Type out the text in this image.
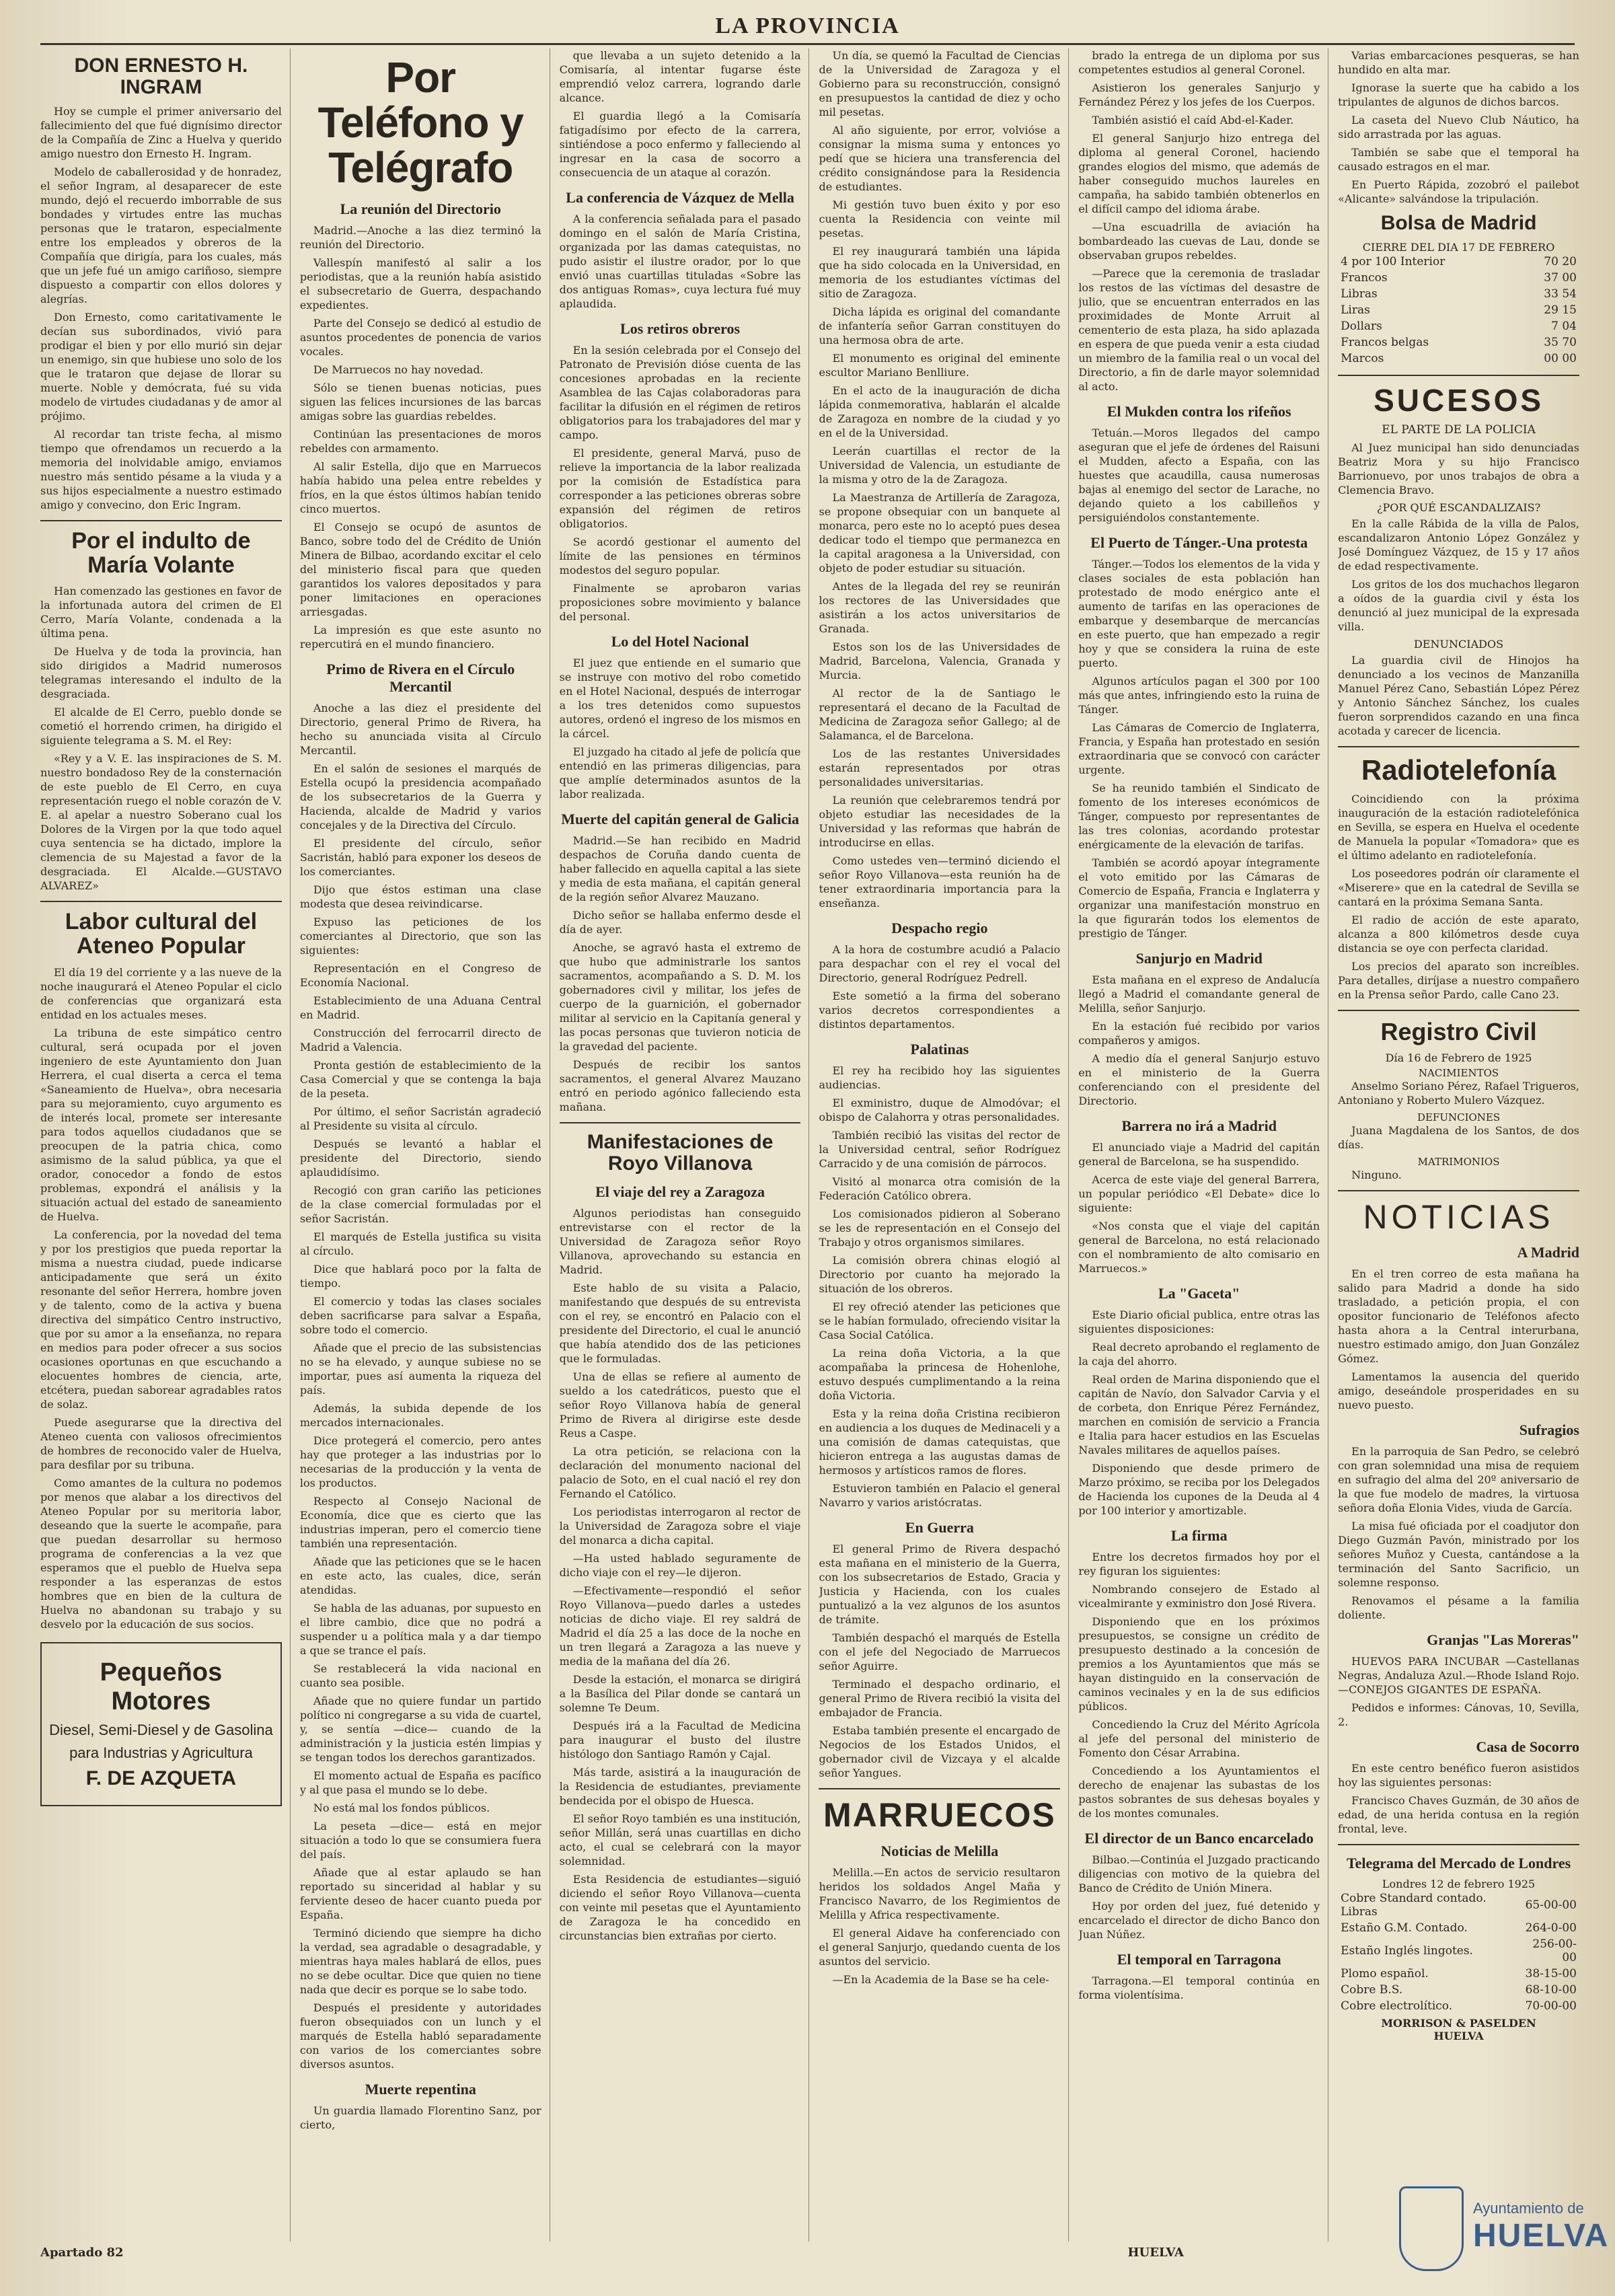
LA PROVINCIA
DON ERNESTO H. INGRAM

Hoy se cumple el primer aniversario del fallecimiento del que fué dignísimo director de la Compañía de Zinc a Huelva y querido amigo nuestro don Ernesto H. Ingram.

Modelo de caballerosidad y de honradez, el señor Ingram, al desaparecer de este mundo, dejó el recuerdo imborrable de sus bondades y virtudes entre las muchas personas que le trataron, especialmente entre los empleados y obreros de la Compañía que dirigía, para los cuales, más que un jefe fué un amigo cariñoso, siempre dispuesto a compartir con ellos dolores y alegrías.

Don Ernesto, como caritativamente le decían sus subordinados, vivió para prodigar el bien y por ello murió sin dejar un enemigo, sin que hubiese uno solo de los que le trataron que dejase de llorar su muerte. Noble y demócrata, fué su vida modelo de virtudes ciudadanas y de amor al prójimo.

Al recordar tan triste fecha, al mismo tiempo que ofrendamos un recuerdo a la memoria del inolvidable amigo, enviamos nuestro más sentido pésame a la viuda y a sus hijos especialmente a nuestro estimado amigo y convecino, don Eric Ingram.

Por el indulto de María Volante

Han comenzado las gestiones en favor de la infortunada autora del crimen de El Cerro, María Volante, condenada a la última pena.

De Huelva y de toda la provincia, han sido dirigidos a Madrid numerosos telegramas interesando el indulto de la desgraciada.

El alcalde de El Cerro, pueblo donde se cometió el horrendo crimen, ha dirigido el siguiente telegrama a S. M. el Rey:

«Rey y a V. E. las inspiraciones de S. M. nuestro bondadoso Rey de la consternación de este pueblo de El Cerro, en cuya representación ruego el noble corazón de V. E. al apelar a nuestro Soberano cual los Dolores de la Virgen por la que todo aquel cuya sentencia se ha dictado, implore la clemencia de su Majestad a favor de la desgraciada. El Alcalde.—GUSTAVO ALVAREZ»

Labor cultural del Ateneo Popular

El día 19 del corriente y a las nueve de la noche inaugurará el Ateneo Popular el ciclo de conferencias que organizará esta entidad en los actuales meses.

La tribuna de este simpático centro cultural, será ocupada por el joven ingeniero de este Ayuntamiento don Juan Herrera, el cual diserta a cerca el tema «Saneamiento de Huelva», obra necesaria para su mejoramiento, cuyo argumento es de interés local, promete ser interesante para todos aquellos ciudadanos que se preocupen de la patria chica, como asimismo de la salud pública, ya que el orador, conocedor a fondo de estos problemas, expondrá el análisis y la situación actual del estado de saneamiento de Huelva.

La conferencia, por la novedad del tema y por los prestigios que pueda reportar la misma a nuestra ciudad, puede indicarse anticipadamente que será un éxito resonante del señor Herrera, hombre joven y de talento, como de la activa y buena directiva del simpático Centro instructivo, que por su amor a la enseñanza, no repara en medios para poder ofrecer a sus socios ocasiones oportunas en que escuchando a elocuentes hombres de ciencia, arte, etcétera, puedan saborear agradables ratos de solaz.

Puede asegurarse que la directiva del Ateneo cuenta con valiosos ofrecimientos de hombres de reconocido valer de Huelva, para desfilar por su tribuna.

Como amantes de la cultura no podemos por menos que alabar a los directivos del Ateneo Popular por su meritoria labor, deseando que la suerte le acompañe, para que puedan desarrollar su hermoso programa de conferencias a la vez que esperamos que el pueblo de Huelva sepa responder a las esperanzas de estos hombres que en bien de la cultura de Huelva no abandonan su trabajo y su desvelo por la educación de sus socios.

Pequeños Motores
Diesel, Semi-Diesel y de Gasolina
para Industrias y Agricultura
F. DE AZQUETA
Por Teléfono y Telégrafo
La reunión del Directorio

Madrid.—Anoche a las diez terminó la reunión del Directorio.

Vallespín manifestó al salir a los periodistas, que a la reunión había asistido el subsecretario de Guerra, despachando expedientes.

Parte del Consejo se dedicó al estudio de asuntos procedentes de ponencia de varios vocales.

De Marruecos no hay novedad.

Sólo se tienen buenas noticias, pues siguen las felices incursiones de las barcas amigas sobre las guardias rebeldes.

Continúan las presentaciones de moros rebeldes con armamento.

Al salir Estella, dijo que en Marruecos había habido una pelea entre rebeldes y fríos, en la que éstos últimos habían tenido cinco muertos.

El Consejo se ocupó de asuntos de Banco, sobre todo del de Crédito de Unión Minera de Bilbao, acordando excitar el celo del ministerio fiscal para que queden garantidos los valores depositados y para poner limitaciones en operaciones arriesgadas.

La impresión es que este asunto no repercutirá en el mundo financiero.

Primo de Rivera en el Círculo Mercantil

Anoche a las diez el presidente del Directorio, general Primo de Rivera, ha hecho su anunciada visita al Círculo Mercantil.

En el salón de sesiones el marqués de Estella ocupó la presidencia acompañado de los subsecretarios de la Guerra y Hacienda, alcalde de Madrid y varios concejales y de la Directiva del Círculo.

El presidente del círculo, señor Sacristán, habló para exponer los deseos de los comerciantes.

Dijo que éstos estiman una clase modesta que desea reivindicarse.

Expuso las peticiones de los comerciantes al Directorio, que son las siguientes:

Representación en el Congreso de Economía Nacional.

Establecimiento de una Aduana Central en Madrid.

Construcción del ferrocarril directo de Madrid a Valencia.

Pronta gestión de establecimiento de la Casa Comercial y que se contenga la baja de la peseta.

Por último, el señor Sacristán agradeció al Presidente su visita al círculo.

Después se levantó a hablar el presidente del Directorio, siendo aplaudidísimo.

Recogió con gran cariño las peticiones de la clase comercial formuladas por el señor Sacristán.

El marqués de Estella justifica su visita al círculo.

Dice que hablará poco por la falta de tiempo.

El comercio y todas las clases sociales deben sacrificarse para salvar a España, sobre todo el comercio.

Añade que el precio de las subsistencias no se ha elevado, y aunque subiese no se importar, pues así aumenta la riqueza del país.

Además, la subida depende de los mercados internacionales.

Dice protegerá el comercio, pero antes hay que proteger a las industrias por lo necesarias de la producción y la venta de los productos.

Respecto al Consejo Nacional de Economía, dice que es cierto que las industrias imperan, pero el comercio tiene también una representación.

Añade que las peticiones que se le hacen en este acto, las cuales, dice, serán atendidas.

Se habla de las aduanas, por supuesto en el libre cambio, dice que no podrá a suspender u a política mala y a dar tiempo a que se trance el país.

Se restablecerá la vida nacional en cuanto sea posible.

Añade que no quiere fundar un partido político ni congregarse a su vida de cuartel, y, se sentía —dice— cuando de la administración y la justicia estén limpias y se tengan todos los derechos garantizados.

El momento actual de España es pacífico y al que pasa el mundo se lo debe.

No está mal los fondos públicos.

La peseta —dice— está en mejor situación a todo lo que se consumiera fuera del país.

Añade que al estar aplaudo se han reportado su sinceridad al hablar y su ferviente deseo de hacer cuanto pueda por España.

Terminó diciendo que siempre ha dicho la verdad, sea agradable o desagradable, y mientras haya males hablará de ellos, pues no se debe ocultar. Dice que quien no tiene nada que decir es porque se lo sabe todo.

Después el presidente y autoridades fueron obsequiados con un lunch y el marqués de Estella habló separadamente con varios de los comerciantes sobre diversos asuntos.

Muerte repentina

Un guardia llamado Florentino Sanz, por cierto,

que llevaba a un sujeto detenido a la Comisaría, al intentar fugarse éste emprendió veloz carrera, logrando darle alcance.

El guardia llegó a la Comisaría fatigadísimo por efecto de la carrera, sintiéndose a poco enfermo y falleciendo al ingresar en la casa de socorro a consecuencia de un ataque al corazón.

La conferencia de Vázquez de Mella

A la conferencia señalada para el pasado domingo en el salón de María Cristina, organizada por las damas catequistas, no pudo asistir el ilustre orador, por lo que envió unas cuartillas tituladas «Sobre las dos antiguas Romas», cuya lectura fué muy aplaudida.

Los retiros obreros

En la sesión celebrada por el Consejo del Patronato de Previsión dióse cuenta de las concesiones aprobadas en la reciente Asamblea de las Cajas colaboradoras para facilitar la difusión en el régimen de retiros obligatorios para los trabajadores del mar y campo.

El presidente, general Marvá, puso de relieve la importancia de la labor realizada por la comisión de Estadística para corresponder a las peticiones obreras sobre expansión del régimen de retiros obligatorios.

Se acordó gestionar el aumento del límite de las pensiones en términos modestos del seguro popular.

Finalmente se aprobaron varias proposiciones sobre movimiento y balance del personal.

Lo del Hotel Nacional

El juez que entiende en el sumario que se instruye con motivo del robo cometido en el Hotel Nacional, después de interrogar a los tres detenidos como supuestos autores, ordenó el ingreso de los mismos en la cárcel.

El juzgado ha citado al jefe de policía que entendió en las primeras diligencias, para que amplíe determinados asuntos de la labor realizada.

Muerte del capitán general de Galicia

Madrid.—Se han recibido en Madrid despachos de Coruña dando cuenta de haber fallecido en aquella capital a las siete y media de esta mañana, el capitán general de la región señor Alvarez Mauzano.

Dicho señor se hallaba enfermo desde el día de ayer.

Anoche, se agravó hasta el extremo de que hubo que administrarle los santos sacramentos, acompañando a S. D. M. los gobernadores civil y militar, los jefes de cuerpo de la guarnición, el gobernador militar al servicio en la Capitanía general y las pocas personas que tuvieron noticia de la gravedad del paciente.

Después de recibir los santos sacramentos, el general Alvarez Mauzano entró en periodo agónico falleciendo esta mañana.

Manifestaciones de Royo Villanova
El viaje del rey a Zaragoza

Algunos periodistas han conseguido entrevistarse con el rector de la Universidad de Zaragoza señor Royo Villanova, aprovechando su estancia en Madrid.

Este hablo de su visita a Palacio, manifestando que después de su entrevista con el rey, se encontró en Palacio con el presidente del Directorio, el cual le anunció que había atendido dos de las peticiones que le formuladas.

Una de ellas se refiere al aumento de sueldo a los catedráticos, puesto que el señor Royo Villanova había de general Primo de Rivera al dirigirse este desde Reus a Caspe.

La otra petición, se relaciona con la declaración del monumento nacional del palacio de Soto, en el cual nació el rey don Fernando el Católico.

Los periodistas interrogaron al rector de la Universidad de Zaragoza sobre el viaje del monarca a dicha capital.

—Ha usted hablado seguramente de dicho viaje con el rey—le dijeron.

—Efectivamente—respondió el señor Royo Villanova—puedo darles a ustedes noticias de dicho viaje. El rey saldrá de Madrid el día 25 a las doce de la noche en un tren llegará a Zaragoza a las nueve y media de la mañana del día 26.

Desde la estación, el monarca se dirigirá a la Basílica del Pilar donde se cantará un solemne Te Deum.

Después irá a la Facultad de Medicina para inaugurar el busto del ilustre histólogo don Santiago Ramón y Cajal.

Más tarde, asistirá a la inauguración de la Residencia de estudiantes, previamente bendecida por el obispo de Huesca.

El señor Royo también es una institución, señor Millán, será unas cuartillas en dicho acto, el cual se celebrará con la mayor solemnidad.

Esta Residencia de estudiantes—siguió diciendo el señor Royo Villanova—cuenta con veinte mil pesetas que el Ayuntamiento de Zaragoza le ha concedido en circunstancias bien extrañas por cierto.

Un día, se quemó la Facultad de Ciencias de la Universidad de Zaragoza y el Gobierno para su reconstrucción, consignó en presupuestos la cantidad de diez y ocho mil pesetas.

Al año siguiente, por error, volvióse a consignar la misma suma y entonces yo pedí que se hiciera una transferencia del crédito consignándose para la Residencia de estudiantes.

Mi gestión tuvo buen éxito y por eso cuenta la Residencia con veinte mil pesetas.

El rey inaugurará también una lápida que ha sido colocada en la Universidad, en memoria de los estudiantes víctimas del sitio de Zaragoza.

Dicha lápida es original del comandante de infantería señor Garran constituyen do una hermosa obra de arte.

El monumento es original del eminente escultor Mariano Benlliure.

En el acto de la inauguración de dicha lápida conmemorativa, hablarán el alcalde de Zaragoza en nombre de la ciudad y yo en el de la Universidad.

Leerán cuartillas el rector de la Universidad de Valencia, un estudiante de la misma y otro de la de Zaragoza.

La Maestranza de Artillería de Zaragoza, se propone obsequiar con un banquete al monarca, pero este no lo aceptó pues desea dedicar todo el tiempo que permanezca en la capital aragonesa a la Universidad, con objeto de poder estudiar su situación.

Antes de la llegada del rey se reunirán los rectores de las Universidades que asistirán a los actos universitarios de Granada.

Estos son los de las Universidades de Madrid, Barcelona, Valencia, Granada y Murcia.

Al rector de la de Santiago le representará el decano de la Facultad de Medicina de Zaragoza señor Gallego; al de Salamanca, el de Barcelona.

Los de las restantes Universidades estarán representados por otras personalidades universitarias.

La reunión que celebraremos tendrá por objeto estudiar las necesidades de la Universidad y las reformas que habrán de introducirse en ellas.

Como ustedes ven—terminó diciendo el señor Royo Villanova—esta reunión ha de tener extraordinaria importancia para la enseñanza.

Despacho regio

A la hora de costumbre acudió a Palacio para despachar con el rey el vocal del Directorio, general Rodríguez Pedrell.

Este sometió a la firma del soberano varios decretos correspondientes a distintos departamentos.

Palatinas

El rey ha recibido hoy las siguientes audiencias.

El exministro, duque de Almodóvar; el obispo de Calahorra y otras personalidades.

También recibió las visitas del rector de la Universidad central, señor Rodríguez Carracido y de una comisión de párrocos.

Visitó al monarca otra comisión de la Federación Católico obrera.

Los comisionados pidieron al Soberano se les de representación en el Consejo del Trabajo y otros organismos similares.

La comisión obrera chinas elogió al Directorio por cuanto ha mejorado la situación de los obreros.

El rey ofreció atender las peticiones que se le habían formulado, ofreciendo visitar la Casa Social Católica.

La reina doña Victoria, a la que acompañaba la princesa de Hohenlohe, estuvo después cumplimentando a la reina doña Victoria.

Esta y la reina doña Cristina recibieron en audiencia a los duques de Medinaceli y a una comisión de damas catequistas, que hicieron entrega a las augustas damas de hermosos y artísticos ramos de flores.

Estuvieron también en Palacio el general Navarro y varios aristócratas.

En Guerra

El general Primo de Rivera despachó esta mañana en el ministerio de la Guerra, con los subsecretarios de Estado, Gracia y Justicia y Hacienda, con los cuales puntualizó a la vez algunos de los asuntos de trámite.

También despachó el marqués de Estella con el jefe del Negociado de Marruecos señor Aguirre.

Terminado el despacho ordinario, el general Primo de Rivera recibió la visita del embajador de Francia.

Estaba también presente el encargado de Negocios de los Estados Unidos, el gobernador civil de Vizcaya y el alcalde señor Yangues.

MARRUECOS
Noticias de Melilla

Melilla.—En actos de servicio resultaron heridos los soldados Angel Maña y Francisco Navarro, de los Regimientos de Melilla y Africa respectivamente.

El general Aidave ha conferenciado con el general Sanjurjo, quedando cuenta de los asuntos del servicio.

—En la Academia de la Base se ha cele-

brado la entrega de un diploma por sus competentes estudios al general Coronel.

Asistieron los generales Sanjurjo y Fernández Pérez y los jefes de los Cuerpos.

También asistió el caíd Abd-el-Kader.

El general Sanjurjo hizo entrega del diploma al general Coronel, haciendo grandes elogios del mismo, que además de haber conseguido muchos laureles en campaña, ha sabido también obtenerlos en el difícil campo del idioma árabe.

—Una escuadrilla de aviación ha bombardeado las cuevas de Lau, donde se observaban grupos rebeldes.

—Parece que la ceremonia de trasladar los restos de las víctimas del desastre de julio, que se encuentran enterrados en las proximidades de Monte Arruit al cementerio de esta plaza, ha sido aplazada en espera de que pueda venir a esta ciudad un miembro de la familia real o un vocal del Directorio, a fin de darle mayor solemnidad al acto.

El Mukden contra los rifeños

Tetuán.—Moros llegados del campo aseguran que el jefe de órdenes del Raisuni el Mudden, afecto a España, con las huestes que acaudilla, causa numerosas bajas al enemigo del sector de Larache, no dejando quieto a los cabilleños y persiguiéndolos constantemente.

El Puerto de Tánger.-Una protesta

Tánger.—Todos los elementos de la vida y clases sociales de esta población han protestado de modo enérgico ante el aumento de tarifas en las operaciones de embarque y desembarque de mercancías en este puerto, que han empezado a regir hoy y que se considera la ruina de este puerto.

Algunos artículos pagan el 300 por 100 más que antes, infringiendo esto la ruina de Tánger.

Las Cámaras de Comercio de Inglaterra, Francia, y España han protestado en sesión extraordinaria que se convocó con carácter urgente.

Se ha reunido también el Sindicato de fomento de los intereses económicos de Tánger, compuesto por representantes de las tres colonias, acordando protestar enérgicamente de la elevación de tarifas.

También se acordó apoyar íntegramente el voto emitido por las Cámaras de Comercio de España, Francia e Inglaterra y organizar una manifestación monstruo en la que figurarán todos los elementos de prestigio de Tánger.

Sanjurjo en Madrid

Esta mañana en el expreso de Andalucía llegó a Madrid el comandante general de Melilla, señor Sanjurjo.

En la estación fué recibido por varios compañeros y amigos.

A medio día el general Sanjurjo estuvo en el ministerio de la Guerra conferenciando con el presidente del Directorio.

Barrera no irá a Madrid

El anunciado viaje a Madrid del capitán general de Barcelona, se ha suspendido.

Acerca de este viaje del general Barrera, un popular periódico «El Debate» dice lo siguiente:

«Nos consta que el viaje del capitán general de Barcelona, no está relacionado con el nombramiento de alto comisario en Marruecos.»

La "Gaceta"

Este Diario oficial publica, entre otras las siguientes disposiciones:

Real decreto aprobando el reglamento de la caja del ahorro.

Real orden de Marina disponiendo que el capitán de Navío, don Salvador Carvia y el de corbeta, don Enrique Pérez Fernández, marchen en comisión de servicio a Francia e Italia para hacer estudios en las Escuelas Navales militares de aquellos países.

Disponiendo que desde primero de Marzo próximo, se reciba por los Delegados de Hacienda los cupones de la Deuda al 4 por 100 interior y amortizable.

La firma

Entre los decretos firmados hoy por el rey figuran los siguientes:

Nombrando consejero de Estado al vicealmirante y exministro don José Rivera.

Disponiendo que en los próximos presupuestos, se consigne un crédito de presupuesto destinado a la concesión de premios a los Ayuntamientos que más se hayan distinguido en la conservación de caminos vecinales y en la de sus edificios públicos.

Concediendo la Cruz del Mérito Agrícola al jefe del personal del ministerio de Fomento don César Arrabina.

Concediendo a los Ayuntamientos el derecho de enajenar las subastas de los pastos sobrantes de sus dehesas boyales y de los montes comunales.

El director de un Banco encarcelado

Bilbao.—Continúa el Juzgado practicando diligencias con motivo de la quiebra del Banco de Crédito de Unión Minera.

Hoy por orden del juez, fué detenido y encarcelado el director de dicho Banco don Juan Núñez.

El temporal en Tarragona

Tarragona.—El temporal continúa en forma violentísima.

Varias embarcaciones pesqueras, se han hundido en alta mar.

Ignorase la suerte que ha cabido a los tripulantes de algunos de dichos barcos.

La caseta del Nuevo Club Náutico, ha sido arrastrada por las aguas.

También se sabe que el temporal ha causado estragos en el mar.

En Puerto Rápida, zozobró el pailebot «Alicante» salvándose la tripulación.

Bolsa de Madrid
CIERRE DEL DIA 17 DE FEBRERO
4 por 100 Interior	70 20
Francos	37 00
Libras	33 54
Liras	29 15
Dollars	7 04
Francos belgas	35 70
Marcos	00 00
SUCESOS
EL PARTE DE LA POLICIA

Al Juez municipal han sido denunciadas Beatriz Mora y su hijo Francisco Barrionuevo, por unos trabajos de obra a Clemencia Bravo.

¿POR QUÉ ESCANDALIZAIS?

En la calle Rábida de la villa de Palos, escandalizaron Antonio López González y José Domínguez Vázquez, de 15 y 17 años de edad respectivamente.

Los gritos de los dos muchachos llegaron a oídos de la guardia civil y ésta los denunció al juez municipal de la expresada villa.

DENUNCIADOS

La guardia civil de Hinojos ha denunciado a los vecinos de Manzanilla Manuel Pérez Cano, Sebastián López Pérez y Antonio Sánchez Sánchez, los cuales fueron sorprendidos cazando en una finca acotada y carecer de licencia.

Radiotelefonía

Coincidiendo con la próxima inauguración de la estación radiotelefónica en Sevilla, se espera en Huelva el ocedente de Manuela la popular «Tomadora» que es el último adelanto en radiotelefonía.

Los poseedores podrán oír claramente el «Miserere» que en la catedral de Sevilla se cantará en la próxima Semana Santa.

El radio de acción de este aparato, alcanza a 800 kilómetros desde cuya distancia se oye con perfecta claridad.

Los precios del aparato son increíbles. Para detalles, diríjase a nuestro compañero en la Prensa señor Pardo, calle Cano 23.

Registro Civil
Día 16 de Febrero de 1925
NACIMIENTOS

Anselmo Soriano Pérez, Rafael Trigueros, Antoniano y Roberto Mulero Vázquez.

DEFUNCIONES

Juana Magdalena de los Santos, de dos días.

MATRIMONIOS

Ninguno.

NOTICIAS
A Madrid

En el tren correo de esta mañana ha salido para Madrid a donde ha sido trasladado, a petición propia, el con opositor funcionario de Teléfonos afecto hasta ahora a la Central interurbana, nuestro estimado amigo, don Juan González Gómez.

Lamentamos la ausencia del querido amigo, deseándole prosperidades en su nuevo puesto.

Sufragios

En la parroquia de San Pedro, se celebró con gran solemnidad una misa de requiem en sufragio del alma del 20º aniversario de la que fue modelo de madres, la virtuosa señora doña Elonia Vides, viuda de García.

La misa fué oficiada por el coadjutor don Diego Guzmán Pavón, ministrado por los señores Muñoz y Cuesta, cantándose a la terminación del Santo Sacrificio, un solemne responso.

Renovamos el pésame a la familia doliente.

Granjas "Las Moreras"

HUEVOS PARA INCUBAR —Castellanas Negras, Andaluza Azul.—Rhode Island Rojo.—CONEJOS GIGANTES DE ESPAÑA.

Pedidos e informes: Cánovas, 10, Sevilla, 2.

Casa de Socorro

En este centro benéfico fueron asistidos hoy las siguientes personas:

Francisco Chaves Guzmán, de 30 años de edad, de una herida contusa en la región frontal, leve.

Telegrama del Mercado de Londres
Londres 12 de febrero 1925
Cobre Standard contado. Libras	65-00-00
Estaño G.M. Contado.	264-0-00
Estaño Inglés lingotes.	256-00-00
Plomo español.	38-15-00
Cobre B.S.	68-10-00
Cobre electrolítico.	70-00-00
MORRISON & PASELDEN
HUELVA
Apartado 82	HUELVA
Ayuntamiento de
HUELVA
